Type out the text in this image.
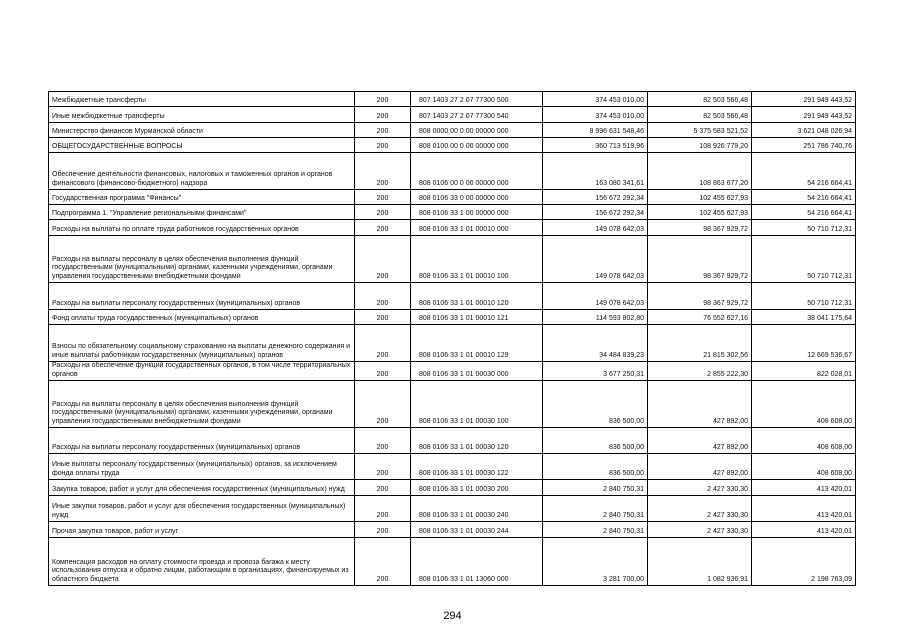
Межбюджетные трансферты	200	807 1403 27 2 07 77300 500	374 453 010,00	82 503 566,48	291 949 443,52
Иные межбюджетные трансферты	200	807 1403 27 2 07 77300 540	374 453 010,00	82 503 566,48	291 949 443,52
Министерство финансов Мурманской области	200	808 0000 00 0 00 00000 000	8 996 631 548,46	5 375 583 521,52	3 621 048 026,94
ОБЩЕГОСУДАРСТВЕННЫЕ ВОПРОСЫ	200	808 0100 00 0 00 00000 000	360 713 519,96	108 926 779,20	251 786 740,76
Обеспечение деятельности финансовых, налоговых и таможенных органов и органов финансового (финансово-бюджетного) надзора	200	808 0106 00 0 00 00000 000	163 080 341,61	108 863 677,20	54 216 664,41
Государственная программа "Финансы"	200	808 0106 33 0 00 00000 000	156 672 292,34	102 455 627,93	54 216 664,41
Подпрограмма 1. "Управление региональными финансами"	200	808 0106 33 1 00 00000 000	156 672 292,34	102 455 627,93	54 216 664,41
Расходы на выплаты по оплате труда работников государственных органов	200	808 0106 33 1 01 00010 000	149 078 642,03	98 367 929,72	50 710 712,31
Расходы на выплаты персоналу в целях обеспечения выполнения функций государственными (муниципальными) органами, казенными учреждениями, органами управления государственными внебюджетными фондами	200	808 0106 33 1 01 00010 100	149 078 642,03	98 367 929,72	50 710 712,31
Расходы на выплаты персоналу государственных (муниципальных) органов	200	808 0106 33 1 01 00010 120	149 078 642,03	98 367 929,72	50 710 712,31
Фонд оплаты труда государственных (муниципальных) органов	200	808 0106 33 1 01 00010 121	114 593 802,80	76 552 627,16	38 041 175,64
Взносы по обязательному социальному страхованию на выплаты денежного содержания и иные выплаты работникам государственных (муниципальных) органов	200	808 0106 33 1 01 00010 129	34 484 839,23	21 815 302,56	12 669 536,67
Расходы на обеспечение функций государственных органов, в том числе территориальных органов	200	808 0106 33 1 01 00030 000	3 677 250,31	2 855 222,30	822 028,01
Расходы на выплаты персоналу в целях обеспечения выполнения функций государственными (муниципальными) органами, казенными учреждениями, органами управления государственными внебюджетными фондами	200	808 0106 33 1 01 00030 100	836 500,00	427 892,00	408 608,00
Расходы на выплаты персоналу государственных (муниципальных) органов	200	808 0106 33 1 01 00030 120	836 500,00	427 892,00	408 608,00
Иные выплаты персоналу государственных (муниципальных) органов, за исключением фонда оплаты труда	200	808 0106 33 1 01 00030 122	836 500,00	427 892,00	408 608,00
Закупка товаров, работ и услуг для обеспечения государственных (муниципальных) нужд	200	808 0106 33 1 01 00030 200	2 840 750,31	2 427 330,30	413 420,01
Иные закупки товаров, работ и услуг для обеспечения государственных (муниципальных) нужд	200	808 0106 33 1 01 00030 240	2 840 750,31	2 427 330,30	413 420,01
Прочая закупка товаров, работ и услуг	200	808 0106 33 1 01 00030 244	2 840 750,31	2 427 330,30	413 420,01
Компенсация расходов на оплату стоимости проезда и провоза багажа к месту использования отпуска и обратно лицам, работающим в организациях, финансируемых из областного бюджета	200	808 0106 33 1 01 13060 000	3 281 700,00	1 082 936,91	2 198 763,09
294
